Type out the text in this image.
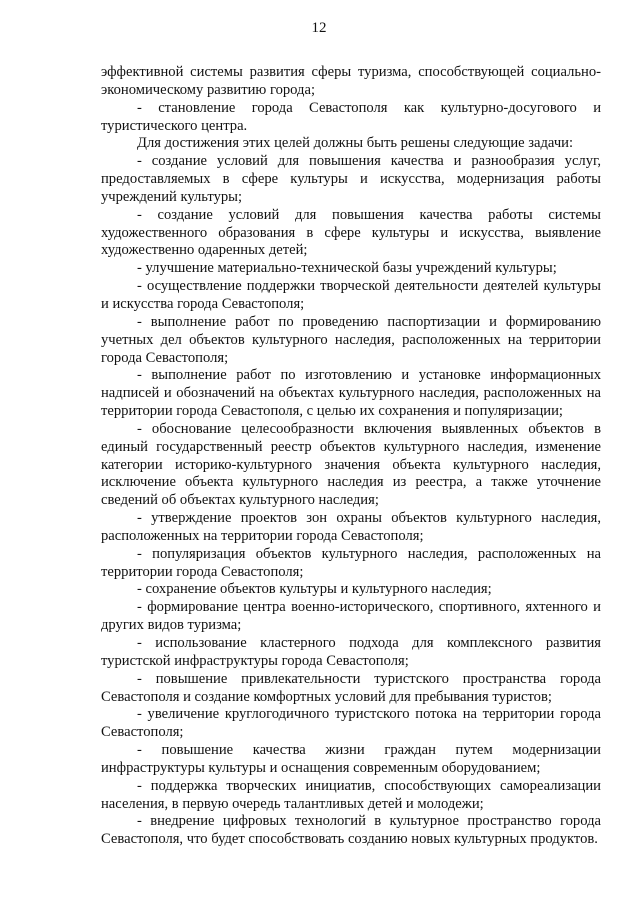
12

эффективной системы развития сферы туризма, способствующей социально-экономическому развитию города;

- становление города Севастополя как культурно-досугового и туристического центра.

Для достижения этих целей должны быть решены следующие задачи:

- создание условий для повышения качества и разнообразия услуг, предоставляемых в сфере культуры и искусства, модернизация работы учреждений культуры;

- создание условий для повышения качества работы системы художественного образования в сфере культуры и искусства, выявление художественно одаренных детей;

- улучшение материально-технической базы учреждений культуры;

- осуществление поддержки творческой деятельности деятелей культуры и искусства города Севастополя;

- выполнение работ по проведению паспортизации и формированию учетных дел объектов культурного наследия, расположенных на территории города Севастополя;

- выполнение работ по изготовлению и установке информационных надписей и обозначений на объектах культурного наследия, расположенных на территории города Севастополя, с целью их сохранения и популяризации;

- обоснование целесообразности включения выявленных объектов в единый государственный реестр объектов культурного наследия, изменение категории историко-культурного значения объекта культурного наследия, исключение объекта культурного наследия из реестра, а также уточнение сведений об объектах культурного наследия;

- утверждение проектов зон охраны объектов культурного наследия, расположенных на территории города Севастополя;

- популяризация объектов культурного наследия, расположенных на территории города Севастополя;

- сохранение объектов культуры и культурного наследия;

- формирование центра военно-исторического, спортивного, яхтенного и других видов туризма;

- использование кластерного подхода для комплексного развития туристской инфраструктуры города Севастополя;

- повышение привлекательности туристского пространства города Севастополя и создание комфортных условий для пребывания туристов;

- увеличение круглогодичного туристского потока на территории города Севастополя;

- повышение качества жизни граждан путем модернизации инфраструктуры культуры и оснащения современным оборудованием;

- поддержка творческих инициатив, способствующих самореализации населения, в первую очередь талантливых детей и молодежи;

- внедрение цифровых технологий в культурное пространство города Севастополя, что будет способствовать созданию новых культурных продуктов.
